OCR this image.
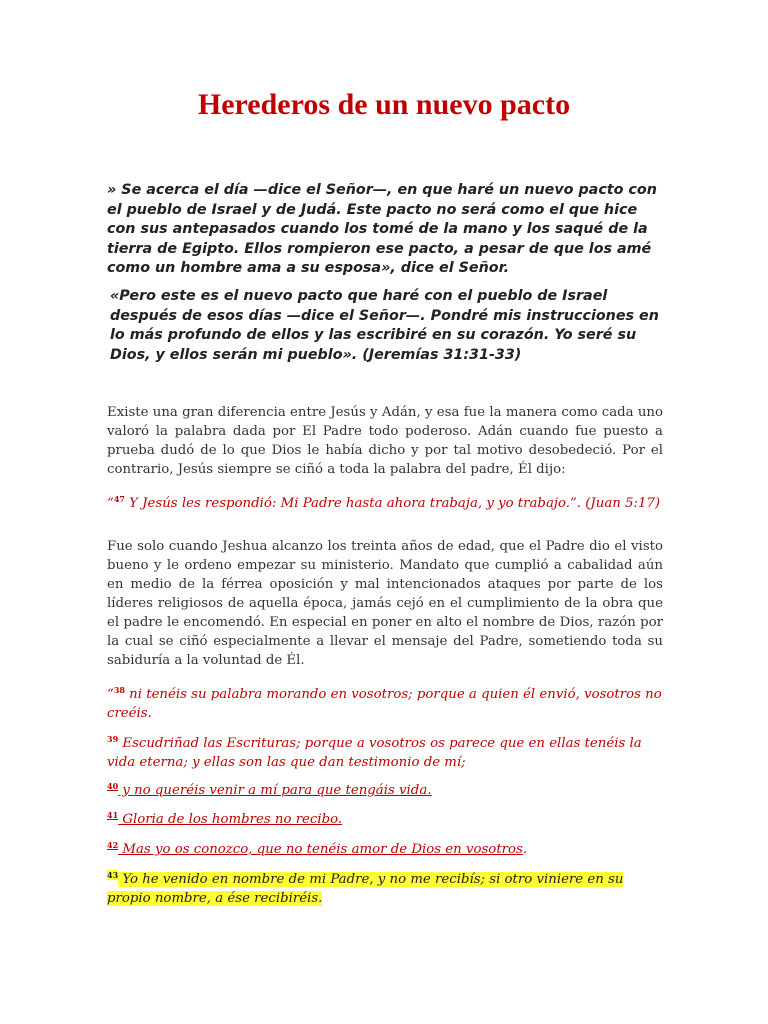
Herederos de un nuevo pacto

» Se acerca el día —dice el Señor—, en que haré un nuevo pacto con el pueblo de Israel y de Judá. Este pacto no será como el que hice con sus antepasados cuando los tomé de la mano y los saqué de la tierra de Egipto. Ellos rompieron ese pacto, a pesar de que los amé como un hombre ama a su esposa», dice el Señor.

«Pero este es el nuevo pacto que haré con el pueblo de Israel después de esos días —dice el Señor—. Pondré mis instrucciones en lo más profundo de ellos y las escribiré en su corazón. Yo seré su Dios, y ellos serán mi pueblo». (Jeremías 31:31-33)

Existe una gran diferencia entre Jesús y Adán, y esa fue la manera como cada uno valoró la palabra dada por El Padre todo poderoso. Adán cuando fue puesto a prueba dudó de lo que Dios le había dicho y por tal motivo desobedeció. Por el contrario, Jesús siempre se ciñó a toda la palabra del padre, Él dijo:

“$^{47}$ Y Jesús les respondió: Mi Padre hasta ahora trabaja, y yo trabajo.”. (Juan 5:17)

Fue solo cuando Jeshua alcanzo los treinta años de edad, que el Padre dio el visto bueno y le ordeno empezar su ministerio. Mandato que cumplió a cabalidad aún en medio de la férrea oposición y mal intencionados ataques por parte de los líderes religiosos de aquella época, jamás cejó en el cumplimiento de la obra que el padre le encomendó. En especial en poner en alto el nombre de Dios, razón por la cual se ciñó especialmente a llevar el mensaje del Padre, sometiendo toda su sabiduría a la voluntad de Él.

“$^{38}$ ni tenéis su palabra morando en vosotros; porque a quien él envió, vosotros no creéis.

$^{39}$ Escudriñad las Escrituras; porque a vosotros os parece que en ellas tenéis la vida eterna; y ellas son las que dan testimonio de mí;

$^{40}$ y no queréis venir a mí para que tengáis vida.

$^{41}$ Gloria de los hombres no recibo.

$^{42}$ Mas yo os conozco, que no tenéis amor de Dios en vosotros.

$^{43}$ Yo he venido en nombre de mi Padre, y no me recibís; si otro viniere en su propio nombre, a ése recibiréis.
